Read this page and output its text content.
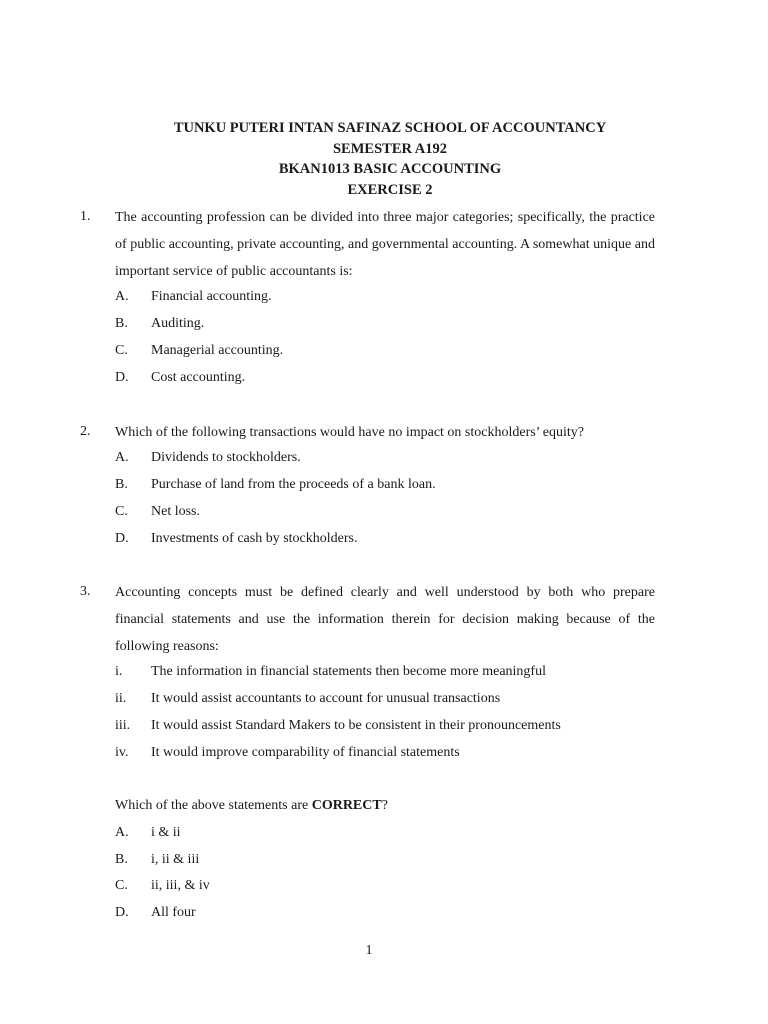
TUNKU PUTERI INTAN SAFINAZ SCHOOL OF ACCOUNTANCY
SEMESTER A192
BKAN1013 BASIC ACCOUNTING
EXERCISE 2
1. The accounting profession can be divided into three major categories; specifically, the practice of public accounting, private accounting, and governmental accounting. A somewhat unique and important service of public accountants is:
A. Financial accounting.
B. Auditing.
C. Managerial accounting.
D. Cost accounting.
2. Which of the following transactions would have no impact on stockholders’ equity?
A. Dividends to stockholders.
B. Purchase of land from the proceeds of a bank loan.
C. Net loss.
D. Investments of cash by stockholders.
3. Accounting concepts must be defined clearly and well understood by both who prepare financial statements and use the information therein for decision making because of the following reasons:
i. The information in financial statements then become more meaningful
ii. It would assist accountants to account for unusual transactions
iii. It would assist Standard Makers to be consistent in their pronouncements
iv. It would improve comparability of financial statements
Which of the above statements are CORRECT?
A. i & ii
B. i, ii & iii
C. ii, iii, & iv
D. All four
1
